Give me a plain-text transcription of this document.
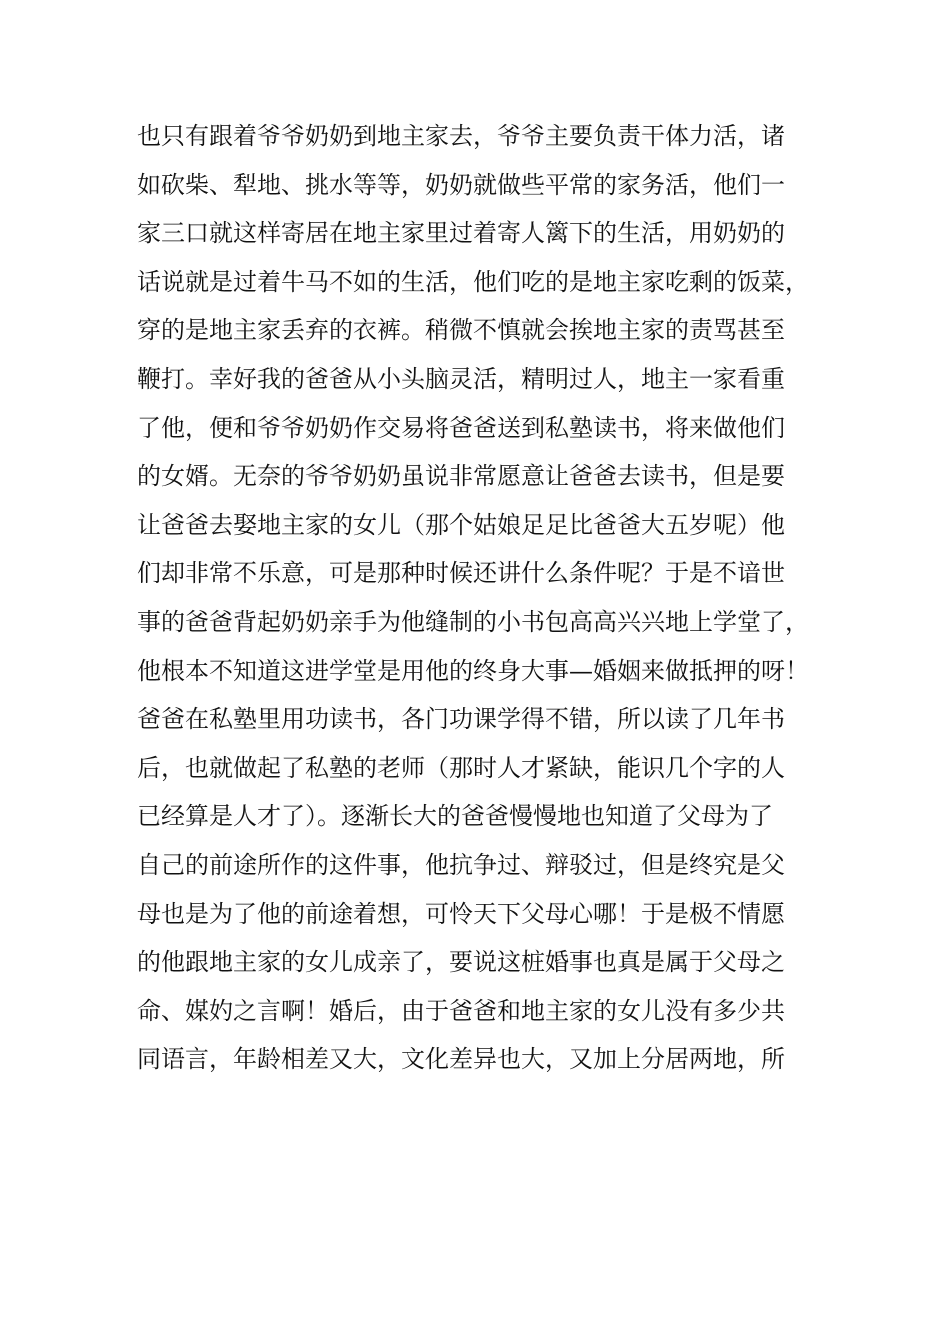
也只有跟着爷爷奶奶到地主家去，爷爷主要负责干体力活，诸
如砍柴、犁地、挑水等等，奶奶就做些平常的家务活，他们一
家三口就这样寄居在地主家里过着寄人篱下的生活，用奶奶的
话说就是过着牛马不如的生活，他们吃的是地主家吃剩的饭菜，
穿的是地主家丢弃的衣裤。稍微不慎就会挨地主家的责骂甚至
鞭打。幸好我的爸爸从小头脑灵活，精明过人，地主一家看重
了他，便和爷爷奶奶作交易将爸爸送到私塾读书，将来做他们
的女婿。无奈的爷爷奶奶虽说非常愿意让爸爸去读书，但是要
让爸爸去娶地主家的女儿（那个姑娘足足比爸爸大五岁呢）他
们却非常不乐意，可是那种时候还讲什么条件呢？于是不谙世
事的爸爸背起奶奶亲手为他缝制的小书包高高兴兴地上学堂了，
他根本不知道这进学堂是用他的终身大事—婚姻来做抵押的呀！
爸爸在私塾里用功读书，各门功课学得不错，所以读了几年书
后，也就做起了私塾的老师（那时人才紧缺，能识几个字的人
已经算是人才了）。逐渐长大的爸爸慢慢地也知道了父母为了
自己的前途所作的这件事，他抗争过、辩驳过，但是终究是父
母也是为了他的前途着想，可怜天下父母心哪！于是极不情愿
的他跟地主家的女儿成亲了，要说这桩婚事也真是属于父母之
命、媒妁之言啊！婚后，由于爸爸和地主家的女儿没有多少共
同语言，年龄相差又大，文化差异也大，又加上分居两地，所
